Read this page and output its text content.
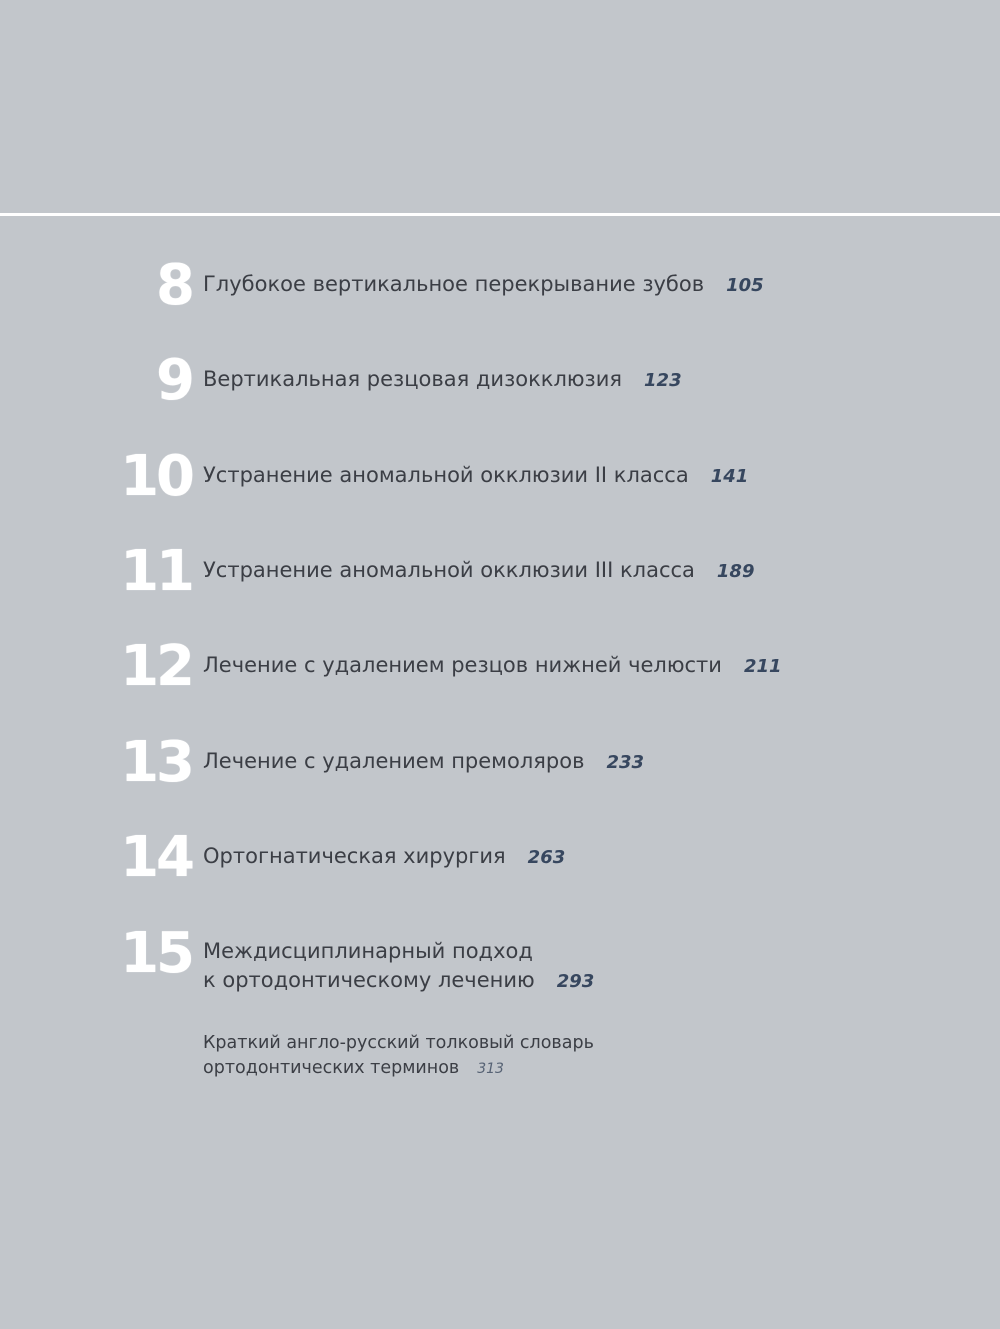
8 Глубокое вертикальное перекрывание зубов 105
9 Вертикальная резцовая дизокклюзия 123
10 Устранение аномальной окклюзии II класса 141
11 Устранение аномальной окклюзии III класса 189
12 Лечение с удалением резцов нижней челюсти 211
13 Лечение с удалением премоляров 233
14 Ортогнатическая хирургия 263
15 Междисциплинарный подход
к ортодонтическому лечению 293
Краткий англо-русский толковый словарь
ортодонтических терминов 313
